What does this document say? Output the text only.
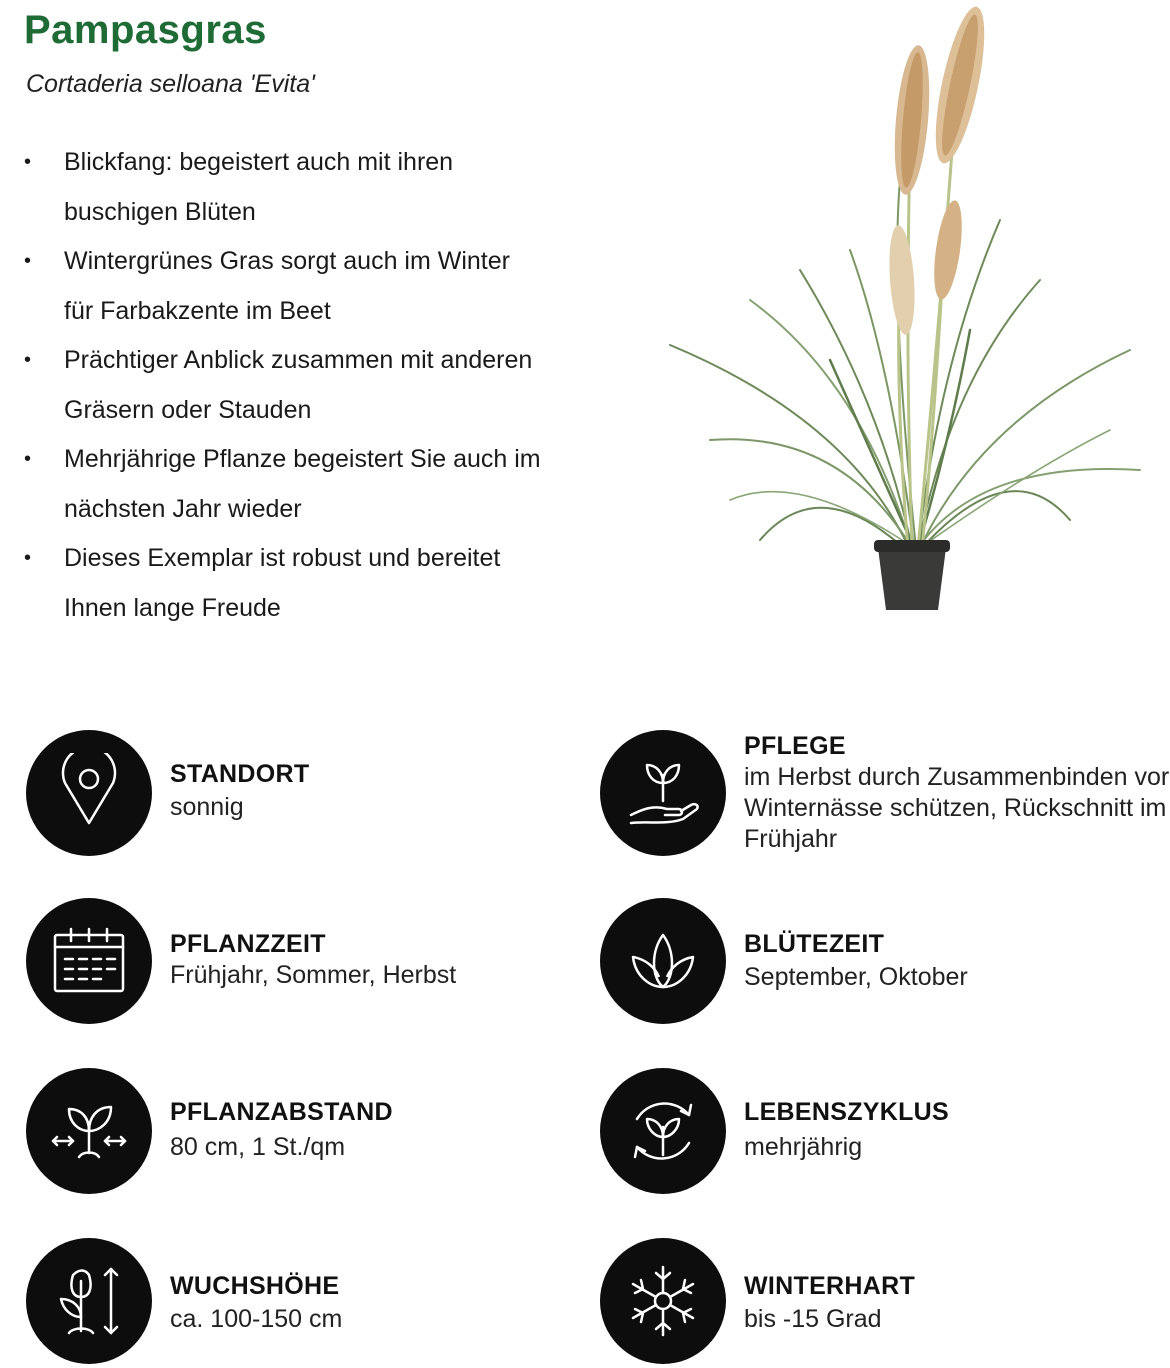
Pampasgras
Cortaderia selloana 'Evita'
• Blickfang: begeistert auch mit ihren
buschigen Blüten
• Wintergrünes Gras sorgt auch im Winter
für Farbakzente im Beet
• Prächtiger Anblick zusammen mit anderen
Gräsern oder Stauden
• Mehrjährige Pflanze begeistert Sie auch im
nächsten Jahr wieder
• Dieses Exemplar ist robust und bereitet
Ihnen lange Freude
STANDORT
sonnig
PFLEGE
im Herbst durch Zusammenbinden vor Winternässe schützen, Rückschnitt im Frühjahr
PFLANZZEIT
Frühjahr, Sommer, Herbst
BLÜTEZEIT
September, Oktober
PFLANZABSTAND
80 cm, 1 St./qm
LEBENSZYKLUS
mehrjährig
WUCHSHÖHE
ca. 100-150 cm
WINTERHART
bis -15 Grad
